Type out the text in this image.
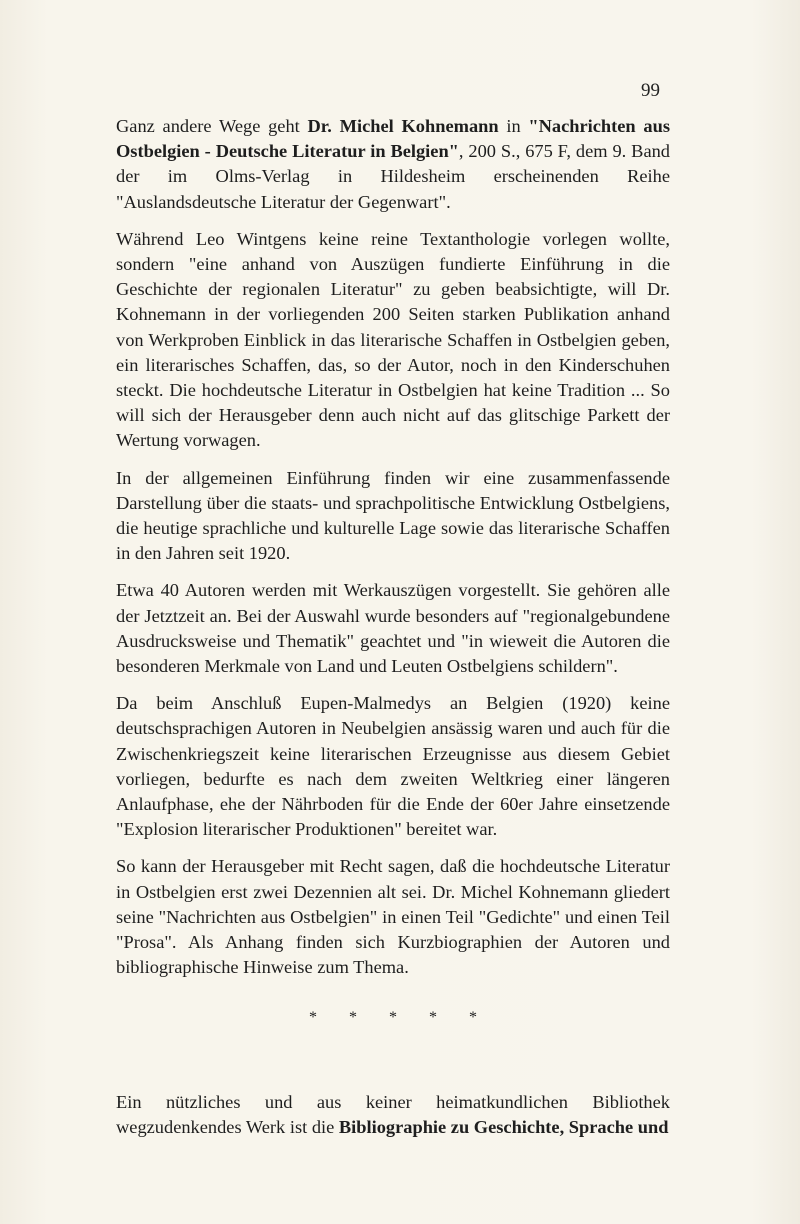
99

Ganz andere Wege geht Dr. Michel Kohnemann in "Nachrichten aus Ostbelgien - Deutsche Literatur in Belgien", 200 S., 675 F, dem 9. Band der im Olms-Verlag in Hildesheim erscheinenden Reihe "Auslandsdeutsche Literatur der Gegenwart".

Während Leo Wintgens keine reine Textanthologie vorlegen wollte, sondern "eine anhand von Auszügen fundierte Einführung in die Geschichte der regionalen Literatur" zu geben beabsichtigte, will Dr. Kohnemann in der vorliegenden 200 Seiten starken Publikation anhand von Werkproben Einblick in das literarische Schaffen in Ostbelgien geben, ein literarisches Schaffen, das, so der Autor, noch in den Kinderschuhen steckt. Die hochdeutsche Literatur in Ostbelgien hat keine Tradition ... So will sich der Herausgeber denn auch nicht auf das glitschige Parkett der Wertung vorwagen.

In der allgemeinen Einführung finden wir eine zusammenfassende Darstellung über die staats- und sprachpolitische Entwicklung Ostbelgiens, die heutige sprachliche und kulturelle Lage sowie das literarische Schaffen in den Jahren seit 1920.

Etwa 40 Autoren werden mit Werkauszügen vorgestellt. Sie gehören alle der Jetztzeit an. Bei der Auswahl wurde besonders auf "regionalgebundene Ausdrucksweise und Thematik" geachtet und "in wieweit die Autoren die besonderen Merkmale von Land und Leuten Ostbelgiens schildern".

Da beim Anschluß Eupen-Malmedys an Belgien (1920) keine deutschsprachigen Autoren in Neubelgien ansässig waren und auch für die Zwischenkriegszeit keine literarischen Erzeugnisse aus diesem Gebiet vorliegen, bedurfte es nach dem zweiten Weltkrieg einer längeren Anlaufphase, ehe der Nährboden für die Ende der 60er Jahre einsetzende "Explosion literarischer Produktionen" bereitet war.

So kann der Herausgeber mit Recht sagen, daß die hochdeutsche Literatur in Ostbelgien erst zwei Dezennien alt sei. Dr. Michel Kohnemann gliedert seine "Nachrichten aus Ostbelgien" in einen Teil "Gedichte" und einen Teil "Prosa". Als Anhang finden sich Kurzbiographien der Autoren und bibliographische Hinweise zum Thema.

* * * * *

Ein nützliches und aus keiner heimatkundlichen Bibliothek wegzudenkendes Werk ist die Bibliographie zu Geschichte, Sprache und
